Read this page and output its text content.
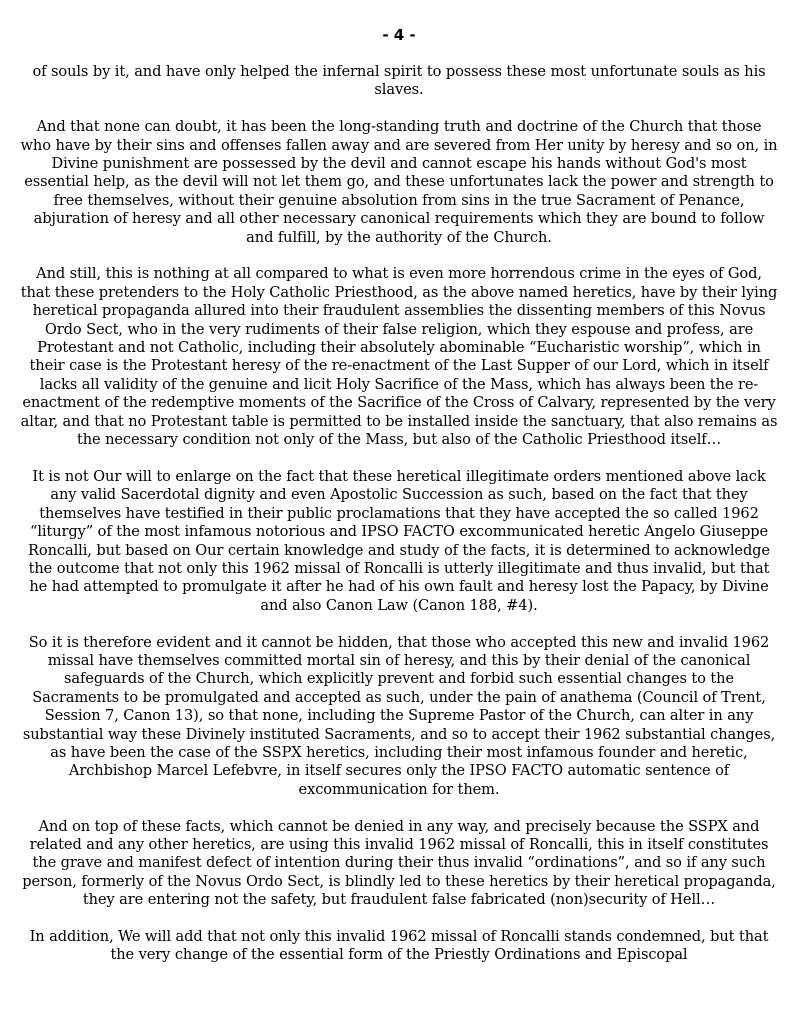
- 4 -

of souls by it, and have only helped the infernal spirit to possess these most unfortunate souls as his slaves.

And that none can doubt, it has been the long-standing truth and doctrine of the Church that those who have by their sins and offenses fallen away and are severed from Her unity by heresy and so on, in Divine punishment are possessed by the devil and cannot escape his hands without God's most essential help, as the devil will not let them go, and these unfortunates lack the power and strength to free themselves, without their genuine absolution from sins in the true Sacrament of Penance, abjuration of heresy and all other necessary canonical requirements which they are bound to follow and fulfill, by the authority of the Church.

And still, this is nothing at all compared to what is even more horrendous crime in the eyes of God, that these pretenders to the Holy Catholic Priesthood, as the above named heretics, have by their lying heretical propaganda allured into their fraudulent assemblies the dissenting members of this Novus Ordo Sect, who in the very rudiments of their false religion, which they espouse and profess, are Protestant and not Catholic, including their absolutely abominable “Eucharistic worship”, which in their case is the Protestant heresy of the re-enactment of the Last Supper of our Lord, which in itself lacks all validity of the genuine and licit Holy Sacrifice of the Mass, which has always been the re-enactment of the redemptive moments of the Sacrifice of the Cross of Calvary, represented by the very altar, and that no Protestant table is permitted to be installed inside the sanctuary, that also remains as the necessary condition not only of the Mass, but also of the Catholic Priesthood itself…

It is not Our will to enlarge on the fact that these heretical illegitimate orders mentioned above lack any valid Sacerdotal dignity and even Apostolic Succession as such, based on the fact that they themselves have testified in their public proclamations that they have accepted the so called 1962 “liturgy” of the most infamous notorious and IPSO FACTO excommunicated heretic Angelo Giuseppe Roncalli, but based on Our certain knowledge and study of the facts, it is determined to acknowledge the outcome that not only this 1962 missal of Roncalli is utterly illegitimate and thus invalid, but that he had attempted to promulgate it after he had of his own fault and heresy lost the Papacy, by Divine and also Canon Law (Canon 188, #4).

So it is therefore evident and it cannot be hidden, that those who accepted this new and invalid 1962 missal have themselves committed mortal sin of heresy, and this by their denial of the canonical safeguards of the Church, which explicitly prevent and forbid such essential changes to the Sacraments to be promulgated and accepted as such, under the pain of anathema (Council of Trent, Session 7, Canon 13), so that none, including the Supreme Pastor of the Church, can alter in any substantial way these Divinely instituted Sacraments, and so to accept their 1962 substantial changes, as have been the case of the SSPX heretics, including their most infamous founder and heretic, Archbishop Marcel Lefebvre, in itself secures only the IPSO FACTO automatic sentence of excommunication for them.

And on top of these facts, which cannot be denied in any way, and precisely because the SSPX and related and any other heretics, are using this invalid 1962 missal of Roncalli, this in itself constitutes the grave and manifest defect of intention during their thus invalid “ordinations”, and so if any such person, formerly of the Novus Ordo Sect, is blindly led to these heretics by their heretical propaganda, they are entering not the safety, but fraudulent false fabricated (non)security of Hell…

In addition, We will add that not only this invalid 1962 missal of Roncalli stands condemned, but that the very change of the essential form of the Priestly Ordinations and Episcopal
